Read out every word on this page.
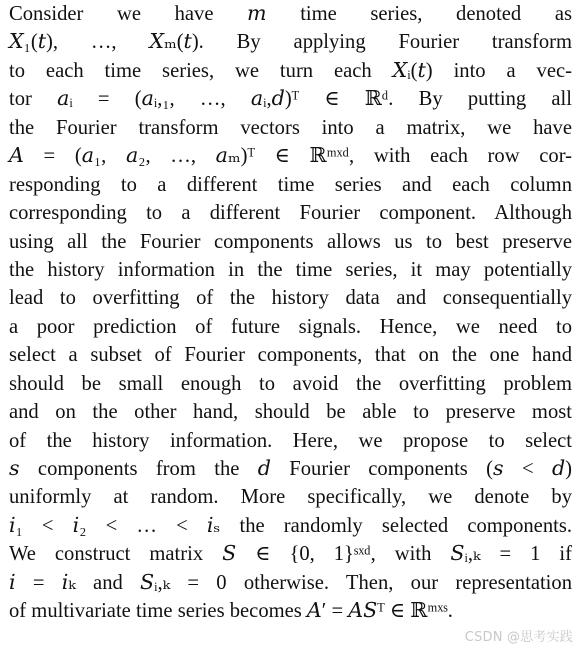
Consider we have 𝑚 time series, denoted as
𝑋₁(𝑡), …, 𝑋ₘ(𝑡). By applying Fourier transform
to each time series, we turn each 𝑋ᵢ(𝑡) into a vec-
tor 𝑎ᵢ = (𝑎ᵢ,₁, …, 𝑎ᵢ,𝑑)ᵀ ∈ ℝᵈ. By putting all
the Fourier transform vectors into a matrix, we have
𝐴 = (𝑎₁, 𝑎₂, …, 𝑎ₘ)ᵀ ∈ ℝᵐˣᵈ, with each row cor-
responding to a different time series and each column
corresponding to a different Fourier component. Although
using all the Fourier components allows us to best preserve
the history information in the time series, it may potentially
lead to overfitting of the history data and consequentially
a poor prediction of future signals. Hence, we need to
select a subset of Fourier components, that on the one hand
should be small enough to avoid the overfitting problem
and on the other hand, should be able to preserve most
of the history information. Here, we propose to select
𝑠 components from the 𝑑 Fourier components (𝑠 < 𝑑)
uniformly at random. More specifically, we denote by
𝑖₁ < 𝑖₂ < … < 𝑖ₛ the randomly selected components.
We construct matrix 𝑆 ∈ {0, 1}ˢˣᵈ, with 𝑆ᵢ,ₖ = 1 if
𝑖 = 𝑖ₖ and 𝑆ᵢ,ₖ = 0 otherwise. Then, our representation
of multivariate time series becomes 𝐴′ = 𝐴𝑆ᵀ ∈ ℝᵐˣˢ.
CSDN @思考实践
